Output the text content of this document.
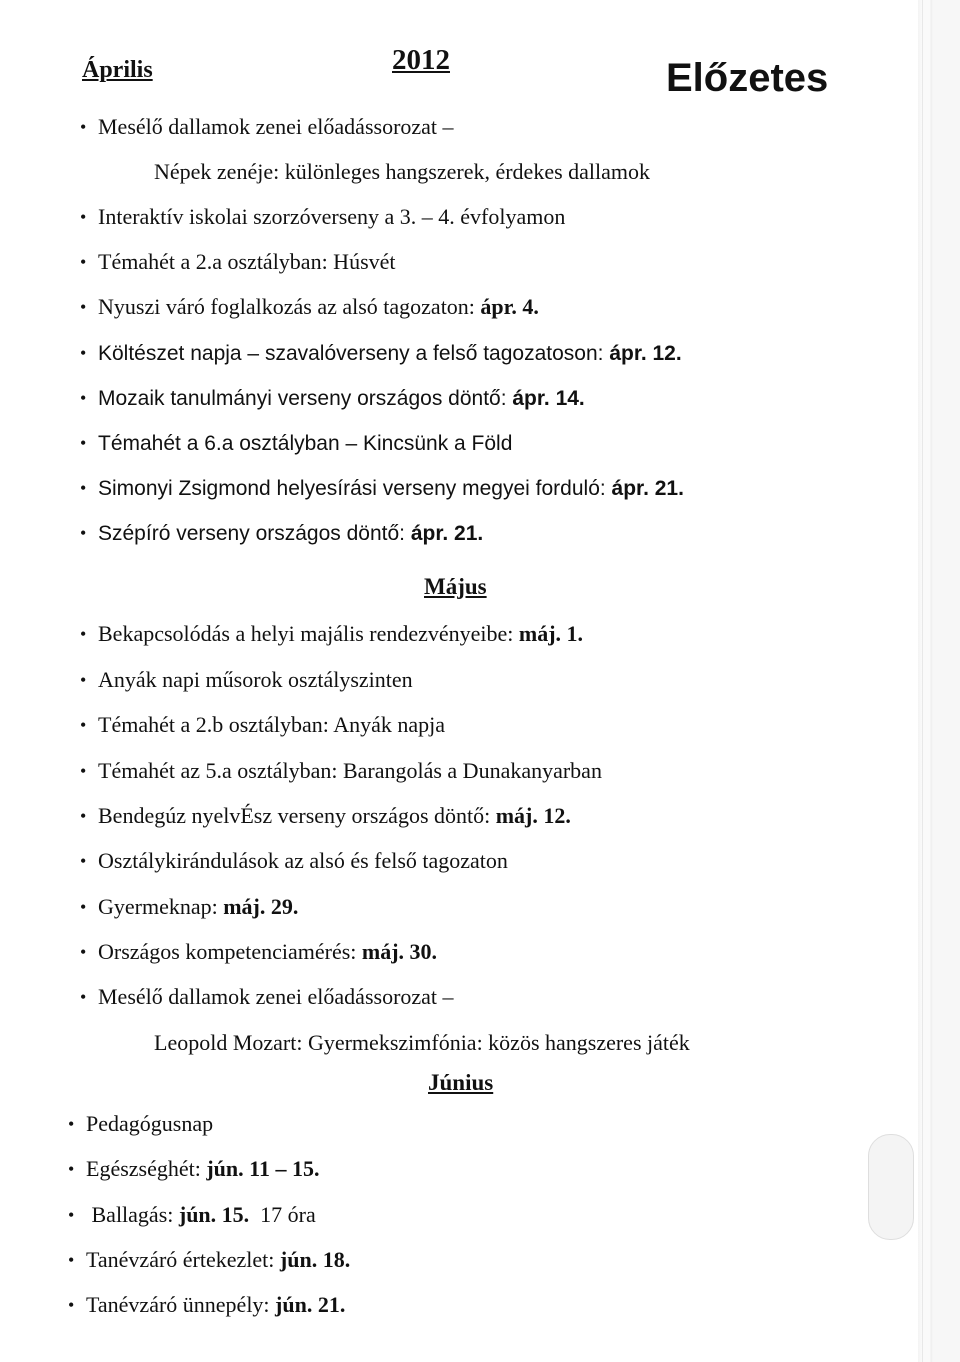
Április	2012	Előzetes
• Mesélő dallamok zenei előadássorozat –
Népek zenéje: különleges hangszerek, érdekes dallamok
• Interaktív iskolai szorzóverseny a 3. – 4. évfolyamon
• Témahét a 2.a osztályban: Húsvét
• Nyuszi váró foglalkozás az alsó tagozaton: ápr. 4.
• Költészet napja – szavalóverseny a felső tagozatoson: ápr. 12.
• Mozaik tanulmányi verseny országos döntő: ápr. 14.
• Témahét a 6.a osztályban – Kincsünk a Föld
• Simonyi Zsigmond helyesírási verseny megyei forduló: ápr. 21.
• Szépíró verseny országos döntő: ápr. 21.
Május
• Bekapcsolódás a helyi majális rendezvényeibe: máj. 1.
• Anyák napi műsorok osztályszinten
• Témahét a 2.b osztályban: Anyák napja
• Témahét az 5.a osztályban: Barangolás a Dunakanyarban
• Bendegúz nyelvÉsz verseny országos döntő: máj. 12.
• Osztálykirándulások az alsó és felső tagozaton
• Gyermeknap: máj. 29.
• Országos kompetenciamérés: máj. 30.
• Mesélő dallamok zenei előadássorozat –
Leopold Mozart: Gyermekszimfónia: közös hangszeres játék
Június
• Pedagógusnap
• Egészséghét: jún. 11 – 15.
• Ballagás: jún. 15.  17 óra
• Tanévzáró értekezlet: jún. 18.
• Tanévzáró ünnepély: jún. 21.
